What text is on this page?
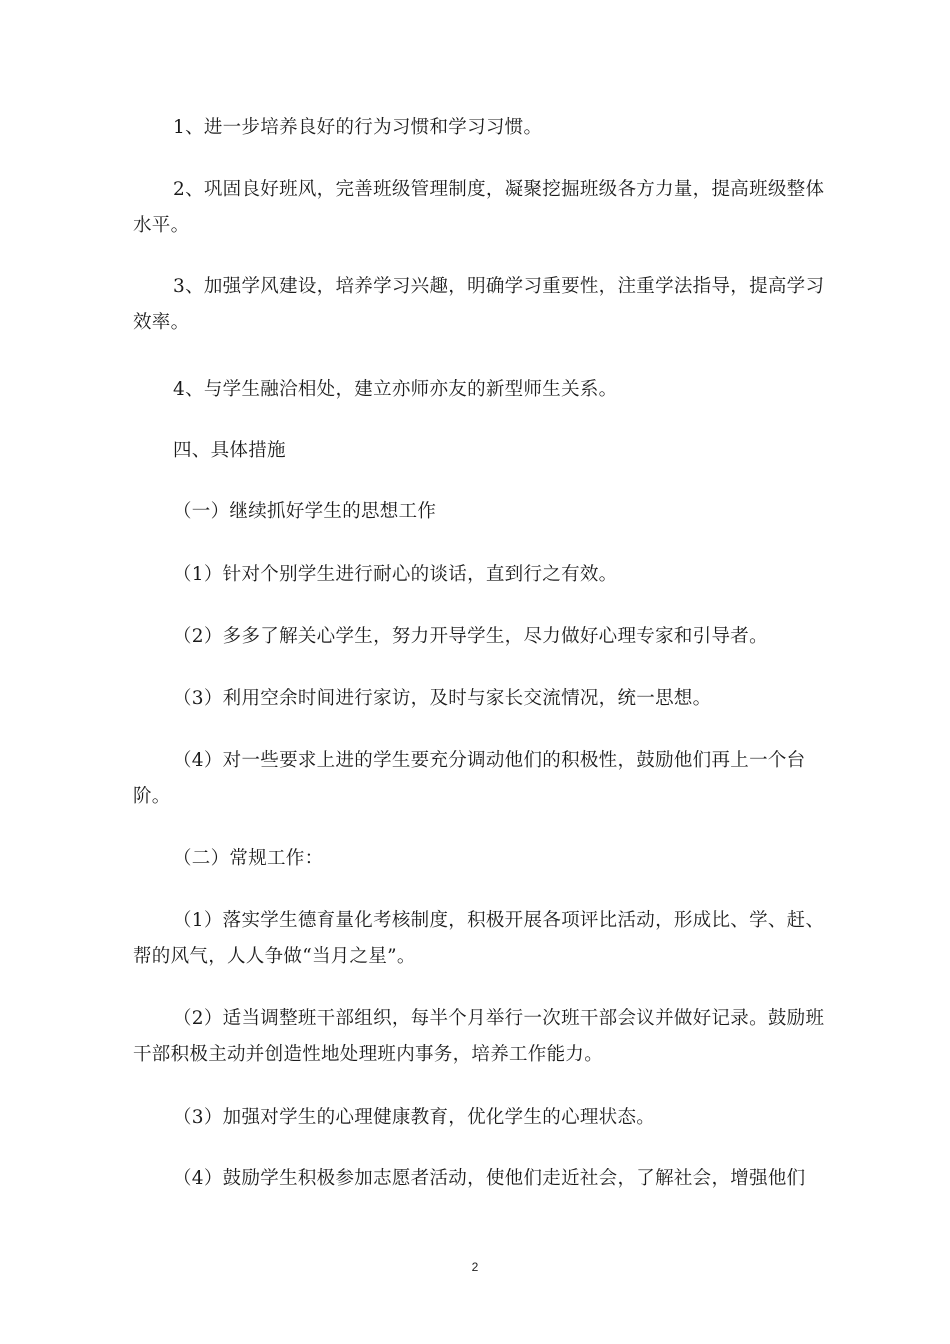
1、进一步培养良好的行为习惯和学习习惯。

2、巩固良好班风，完善班级管理制度，凝聚挖掘班级各方力量，提高班级整体水平。

3、加强学风建设，培养学习兴趣，明确学习重要性，注重学法指导，提高学习效率。

4、与学生融洽相处，建立亦师亦友的新型师生关系。

四、具体措施

（一）继续抓好学生的思想工作

（1）针对个别学生进行耐心的谈话，直到行之有效。

（2）多多了解关心学生，努力开导学生，尽力做好心理专家和引导者。

（3）利用空余时间进行家访，及时与家长交流情况，统一思想。

（4）对一些要求上进的学生要充分调动他们的积极性，鼓励他们再上一个台阶。

（二）常规工作：

（1）落实学生德育量化考核制度，积极开展各项评比活动，形成比、学、赶、帮的风气，人人争做“当月之星”。

（2）适当调整班干部组织，每半个月举行一次班干部会议并做好记录。鼓励班干部积极主动并创造性地处理班内事务，培养工作能力。

（3）加强对学生的心理健康教育，优化学生的心理状态。

（4）鼓励学生积极参加志愿者活动，使他们走近社会，了解社会，增强他们

2
